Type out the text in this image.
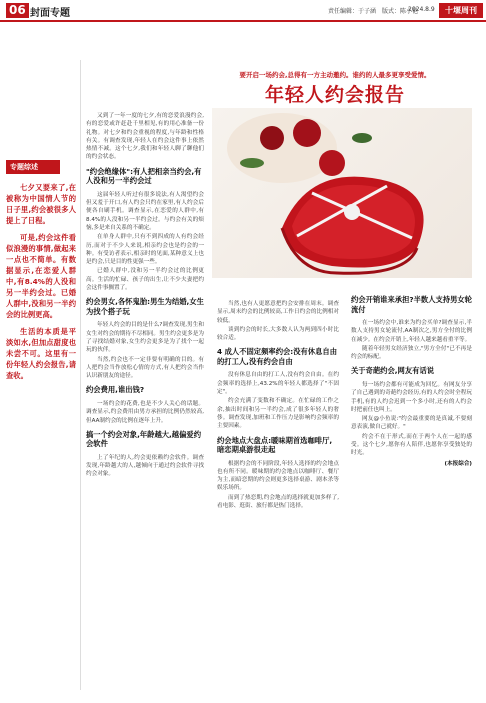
06 封面专题	责任编辑：于子涵 版式：陈小艳
2024.8.9	十堰周刊
要开启一场约会,总得有一方主动邀约。谁约的人最多更享受爱情。
年轻人约会报告
专题综述

七夕又要来了,在被称为中国情人节的日子里,约会被很多人提上了日程。

可是,约会这件看似浪漫的事情,做起来一点也不简单。有数据显示,在恋爱人群中,有8.4%的人没和另一半约会过。已婚人群中,没和另一半约会的比例更高。

生活的本质是平淡如水,但加点甜度也未尝不可。这里有一份年轻人约会报告,请查收。

又到了一年一度的七夕,有的恋爱浪漫约会,有的恋爱或许赶赴千里相见,有的用心准备一份礼物。对七夕和约会重视的程度,与年龄和性格有关。有调查发现,年轻人在约会这件事上依然热情不减。这个七夕,我们和年轻人聊了聊他们的约会状态。

"约会绝缘体":有人把相亲当约会,有人没和另一半约会过

这届年轻人听过有很多说法,有人渴望约会但又羞于开口,有人约会只约在家里,有人约会后便各自刷手机。调查显示,在恋爱的人群中,有8.4%的人没和另一半约会过。与约会有关的烦恼,多是来自关系的不确定。

在单身人群中,只有不到四成的人有约会经历,而对于不少人来说,相亲约会也是约会的一种。有受访者表示,相亲时的见面,某种意义上也是约会,只是目的性更强一些。

已婚人群中,没和另一半约会过的比例更高。生活的忙碌、孩子的出生,让不少夫妻把约会这件事搁置了。

约会男女,各怀鬼胎:男生为结婚,女生为找个搭子玩

年轻人约会的目的是什么?调查发现,男生和女生对约会的期待不尽相同。男生约会更多是为了寻找结婚对象,女生约会更多是为了找个一起玩的伙伴。

当然,约会也不一定非要有明确的目的。有人把约会当作放松心情的方式,有人把约会当作认识新朋友的途径。

约会费用,谁出钱?

一场约会的花费,也是不少人关心的话题。调查显示,约会费用由男方承担的比例仍然较高,但AA制约会的比例在逐年上升。

搞一个约会对象,年龄越大,越偏爱约会软件

上了年纪的人,约会更依赖约会软件。调查发现,年龄越大的人,越倾向于通过约会软件寻找约会对象。

当然,也有人更愿意把约会安排在周末。调查显示,周末约会的比例较高,工作日约会的比例相对较低。

谈到约会的时长,大多数人认为两到四小时比较合适。

4 成人不固定频率约会:没有休息自由的打工人,没有约会自由

没有休息自由的打工人,没有约会自由。在约会频率的选择上,43.2%的年轻人都选择了"不固定"。

约会充满了变数和不确定。在忙碌的工作之余,抽出时间和另一半约会,成了很多年轻人的奢侈。调查发现,加班和工作压力是影响约会频率的主要因素。

约会地点大盘点:暖味期首选咖啡厅,暗恋期桌游很走起

根据约会的不同阶段,年轻人选择的约会地点也有所不同。暖味期的约会地点以咖啡厅、餐厅为主,而暗恋期的约会则更多选择桌游、剧本杀等娱乐场所。

而到了热恋期,约会地点的选择就更加多样了,看电影、逛街、旅行都是热门选择。

约会开销谁来承担?半数人支持男女轮流付

在一场约会中,谁来为约会买单?调查显示,半数人支持男女轮流付,AA制次之,男方全付的比例在减少。在约会开销上,年轻人越来越看重平等。

随着年轻男女经济独立,"男方全付"已不再是约会的标配。

关于奇葩约会,网友有话说

每一场约会都有可能成为回忆。有网友分享了自己遇到的奇葩约会经历,有的人约会时全程玩手机,有的人约会迟到一个多小时,还有的人约会时把前任也叫上。

网友@小鱼说:"约会最重要的是真诚,不要刻意表演,做自己就好。"

约会不在于形式,而在于两个人在一起的感受。这个七夕,愿你有人陪伴,也愿你享受独处的时光。

(本报综合)
